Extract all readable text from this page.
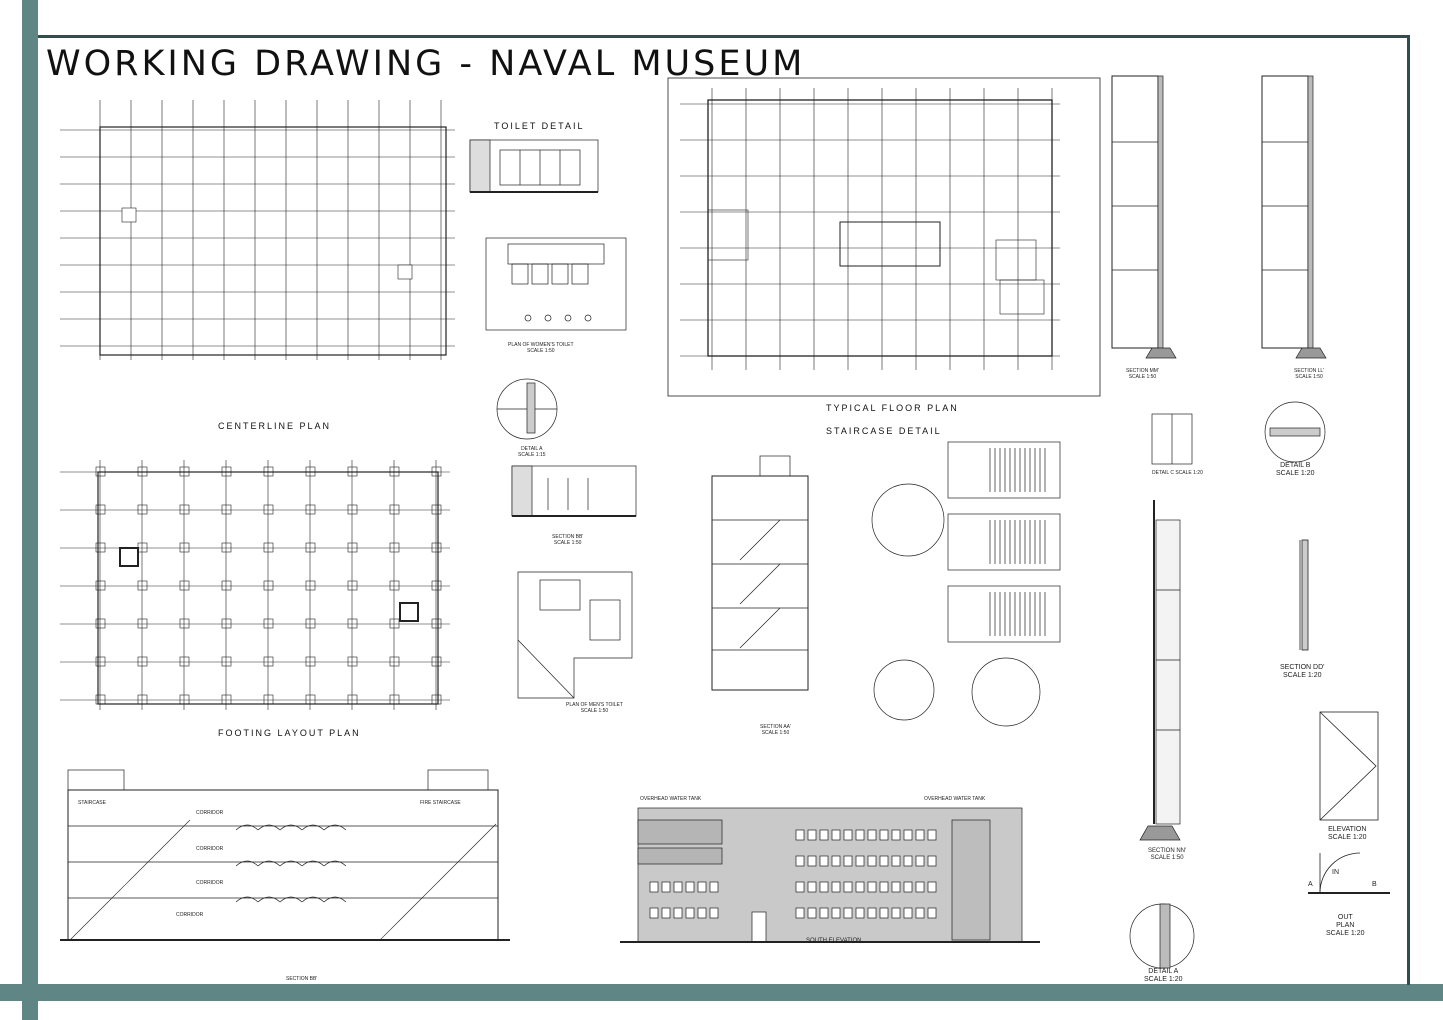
WORKING DRAWING - NAVAL MUSEUM
CENTERLINE PLAN
FOOTING LAYOUT PLAN
TOILET DETAIL
TYPICAL FLOOR PLAN
STAIRCASE DETAIL
PLAN OF WOMEN'S TOILET
SCALE 1:50
DETAIL A
SCALE 1:15
SECTION BB'
SCALE 1:50
PLAN OF MEN'S TOILET
SCALE 1:50
SECTION AA'
SCALE 1:50
SECTION MM'
SCALE 1:50
SECTION LL'
SCALE 1:50
DETAIL C SCALE 1:20
DETAIL B
SCALE 1:20
SECTION DD'
SCALE 1:20
ELEVATION
SCALE 1:20
IN
A	B
OUT
PLAN
SCALE 1:20
SECTION NN'
SCALE 1:50
DETAIL A
SCALE 1:20
SOUTH ELEVATION
OVERHEAD WATER TANK	OVERHEAD WATER TANK
SECTION BB'
CORRIDOR
CORRIDOR
CORRIDOR
CORRIDOR
STAIRCASE	FIRE STAIRCASE
